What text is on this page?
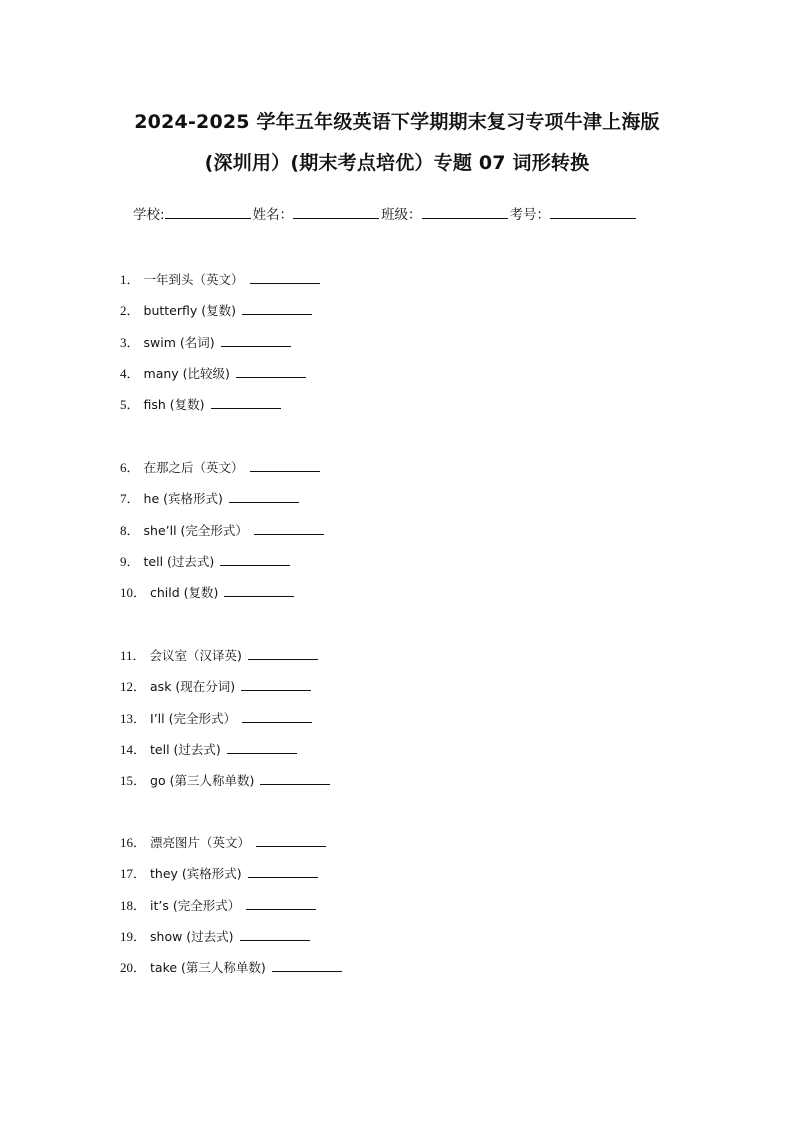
2024-2025 学年五年级英语下学期期末复习专项牛津上海版
(深圳用）(期末考点培优）专题 07 词形转换
学校:	姓名：	班级：	考号：
1． 一年到头（英文）
2． butterfly (复数)
3． swim (名词)
4． many (比较级)
5． fish (复数)
6． 在那之后（英文）
7． he (宾格形式)
8． she’ll (完全形式）
9． tell (过去式)
10． child (复数)
11． 会议室（汉译英)
12． ask (现在分词)
13． I’ll (完全形式）
14． tell (过去式)
15． go (第三人称单数)
16． 漂亮图片（英文）
17． they (宾格形式)
18． it’s (完全形式）
19． show (过去式)
20． take (第三人称单数)
